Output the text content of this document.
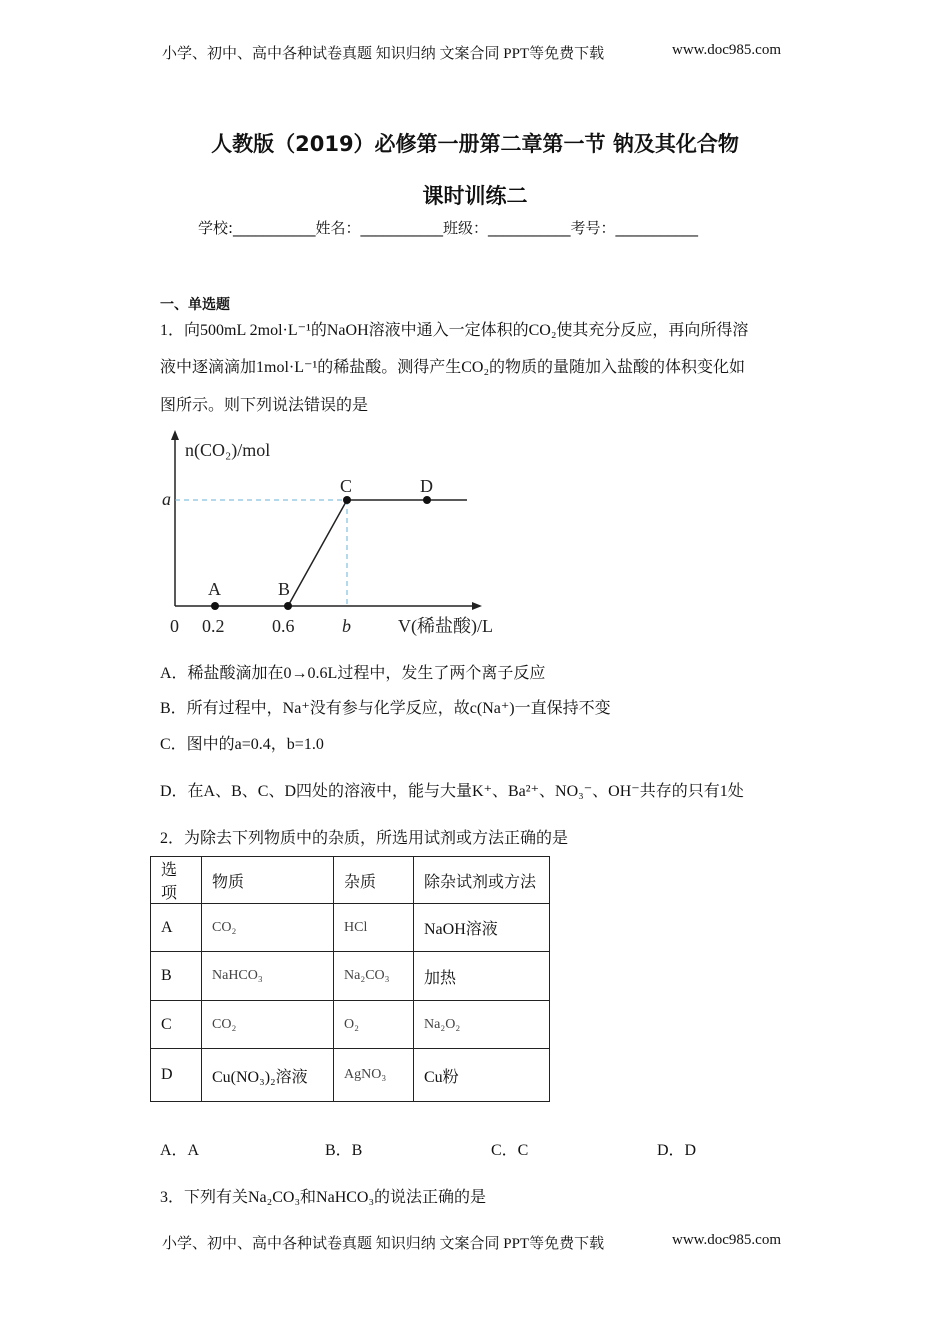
小学、初中、高中各种试卷真题 知识归纳 文案合同 PPT等免费下载	www.doc985.com
人教版（2019）必修第一册第二章第一节 钠及其化合物
课时训练二
学校:___________姓名：___________班级：___________考号：___________
一、单选题
1．向500mL 2mol·L⁻¹的NaOH溶液中通入一定体积的CO₂使其充分反应，再向所得溶
液中逐滴滴加1mol·L⁻¹的稀盐酸。测得产生CO₂的物质的量随加入盐酸的体积变化如
图所示。则下列说法错误的是
n(CO₂)/mol
a
0 0.2	0.6	b	V(稀盐酸)/L
A	B
C	D
A．稀盐酸滴加在0→0.6L过程中，发生了两个离子反应
B．所有过程中，Na⁺没有参与化学反应，故c(Na⁺)一直保持不变
C．图中的a=0.4，b=1.0
D．在A、B、C、D四处的溶液中，能与大量K⁺、Ba²⁺、NO₃⁻、OH⁻共存的只有1处
2．为除去下列物质中的杂质，所选用试剂或方法正确的是
选项	物质	杂质	除杂试剂或方法
A	CO₂	HCl	NaOH溶液
B	NaHCO₃	Na₂CO₃	加热
C	CO₂	O₂	Na₂O₂
D	Cu(NO₃)₂溶液	AgNO₃	Cu粉
A．A	B．B	C．C	D．D
3．下列有关Na₂CO₃和NaHCO₃的说法正确的是
小学、初中、高中各种试卷真题 知识归纳 文案合同 PPT等免费下载	www.doc985.com
